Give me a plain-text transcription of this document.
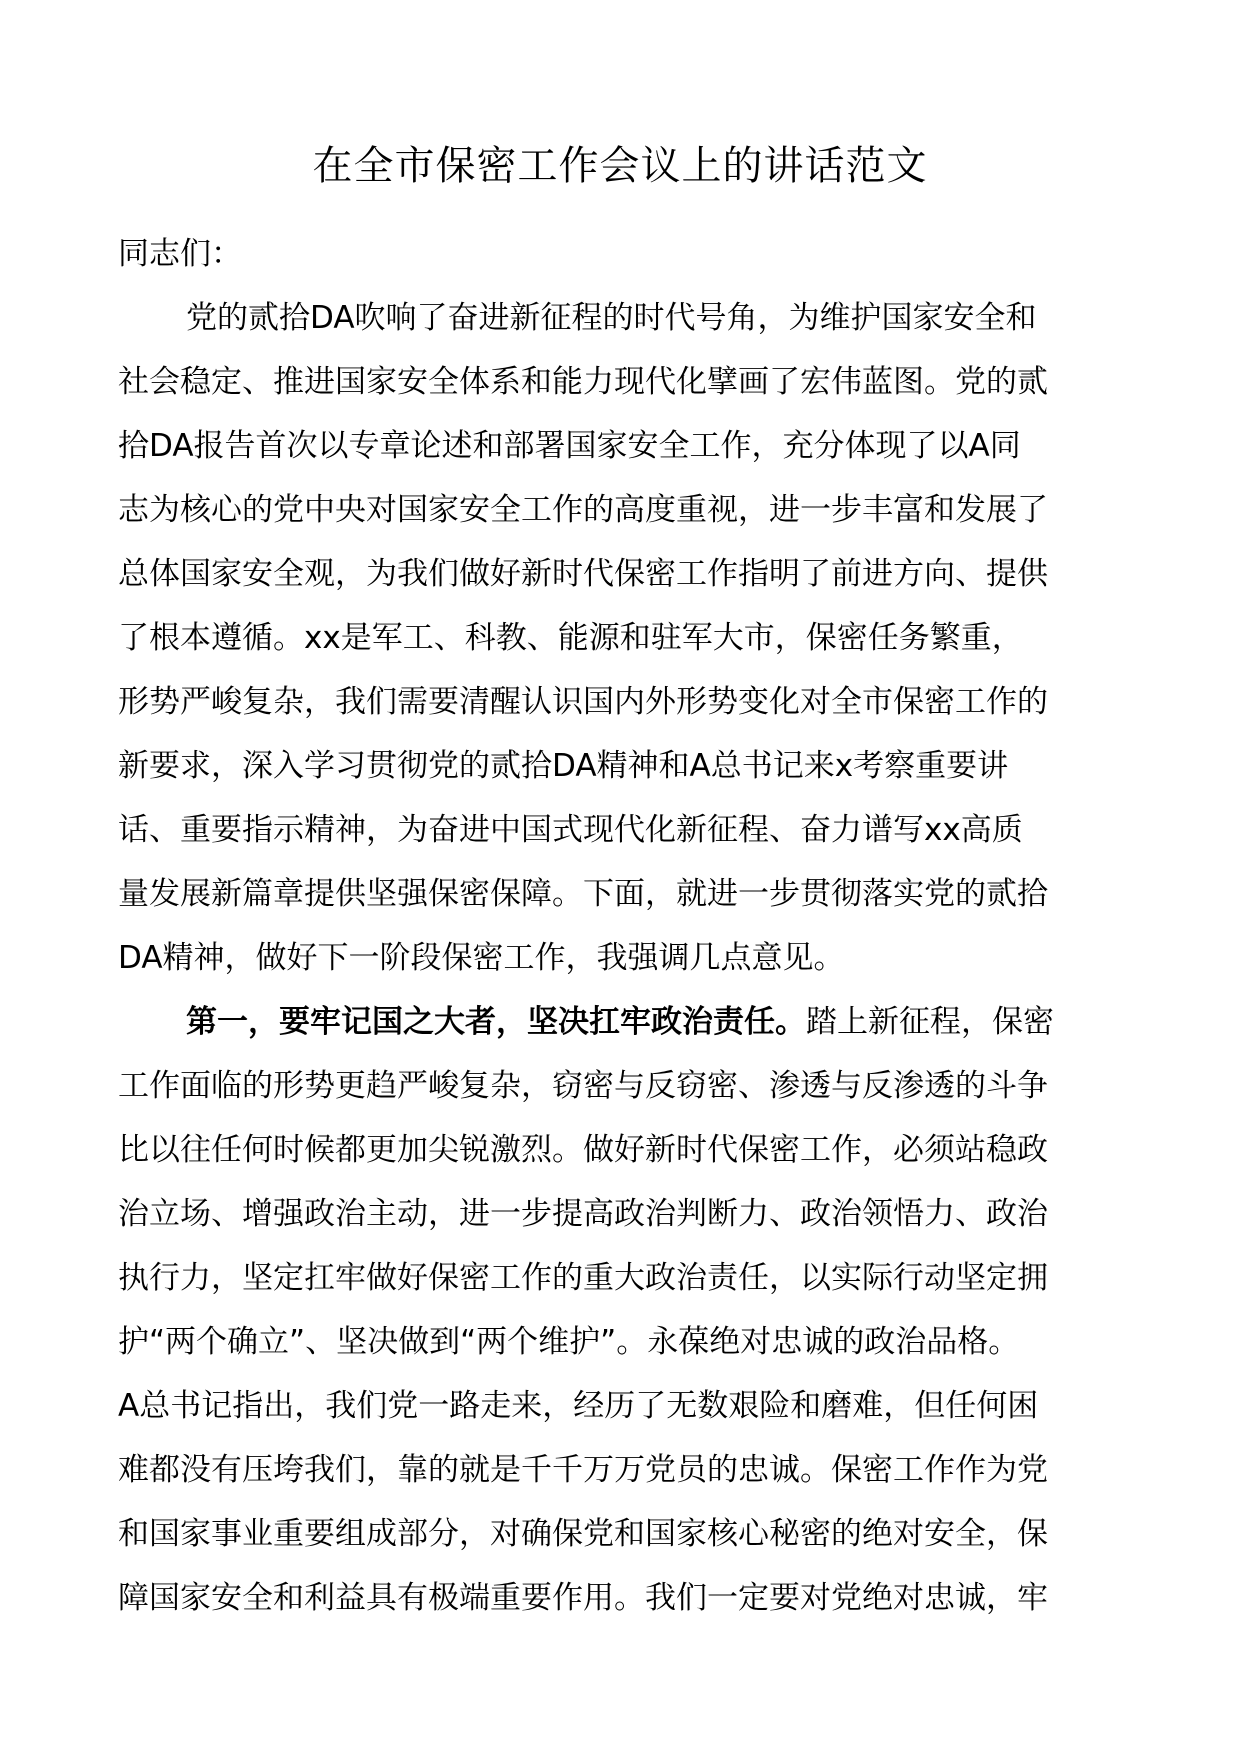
在全市保密工作会议上的讲话范文
同志们：
党的贰拾DA吹响了奋进新征程的时代号角，为维护国家安全和
社会稳定、推进国家安全体系和能力现代化擘画了宏伟蓝图。党的贰
拾DA报告首次以专章论述和部署国家安全工作，充分体现了以A同
志为核心的党中央对国家安全工作的高度重视，进一步丰富和发展了
总体国家安全观，为我们做好新时代保密工作指明了前进方向、提供
了根本遵循。xx是军工、科教、能源和驻军大市，保密任务繁重，
形势严峻复杂，我们需要清醒认识国内外形势变化对全市保密工作的
新要求，深入学习贯彻党的贰拾DA精神和A总书记来x考察重要讲
话、重要指示精神，为奋进中国式现代化新征程、奋力谱写xx高质
量发展新篇章提供坚强保密保障。下面，就进一步贯彻落实党的贰拾
DA精神，做好下一阶段保密工作，我强调几点意见。
第一，要牢记国之大者，坚决扛牢政治责任。踏上新征程，保密
工作面临的形势更趋严峻复杂，窃密与反窃密、渗透与反渗透的斗争
比以往任何时候都更加尖锐激烈。做好新时代保密工作，必须站稳政
治立场、增强政治主动，进一步提高政治判断力、政治领悟力、政治
执行力，坚定扛牢做好保密工作的重大政治责任，以实际行动坚定拥
护“两个确立”、坚决做到“两个维护”。永葆绝对忠诚的政治品格。
A总书记指出，我们党一路走来，经历了无数艰险和磨难，但任何困
难都没有压垮我们，靠的就是千千万万党员的忠诚。保密工作作为党
和国家事业重要组成部分，对确保党和国家核心秘密的绝对安全，保
障国家安全和利益具有极端重要作用。我们一定要对党绝对忠诚，牢
